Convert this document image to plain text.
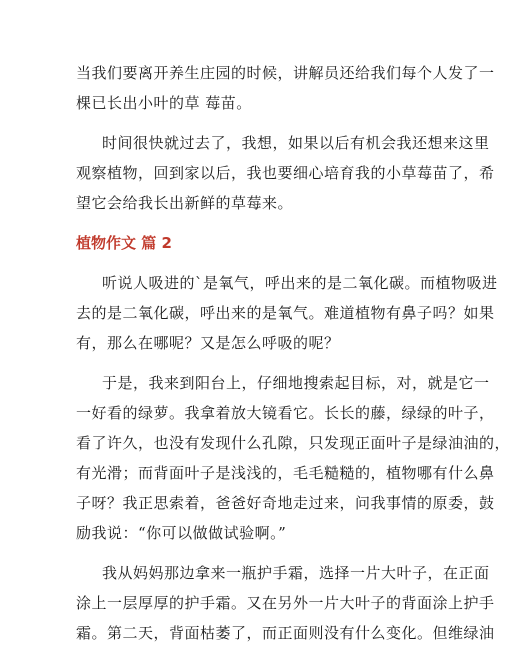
当我们要离开养生庄园的时候，讲解员还给我们每个人发了一
棵已长出小叶的草 莓苗。
时间很快就过去了，我想，如果以后有机会我还想来这里
观察植物，回到家以后，我也要细心培育我的小草莓苗了，希
望它会给我长出新鲜的草莓来。
植物作文 篇 2
听说人吸进的`是氧气，呼出来的是二氧化碳。而植物吸进
去的是二氧化碳，呼出来的是氧气。难道植物有鼻子吗？如果
有，那么在哪呢？又是怎么呼吸的呢？
于是，我来到阳台上，仔细地搜索起目标，对，就是它一
一好看的绿萝。我拿着放大镜看它。长长的藤，绿绿的叶子，
看了许久，也没有发现什么孔隙，只发现正面叶子是绿油油的，
有光滑；而背面叶子是浅浅的，毛毛糙糙的，植物哪有什么鼻
子呀？我正思索着，爸爸好奇地走过来，问我事情的原委，鼓
励我说：“你可以做做试验啊。”
我从妈妈那边拿来一瓶护手霜，选择一片大叶子，在正面
涂上一层厚厚的护手霜。又在另外一片大叶子的背面涂上护手
霜。第二天，背面枯萎了，而正面则没有什么变化。但维绿油
